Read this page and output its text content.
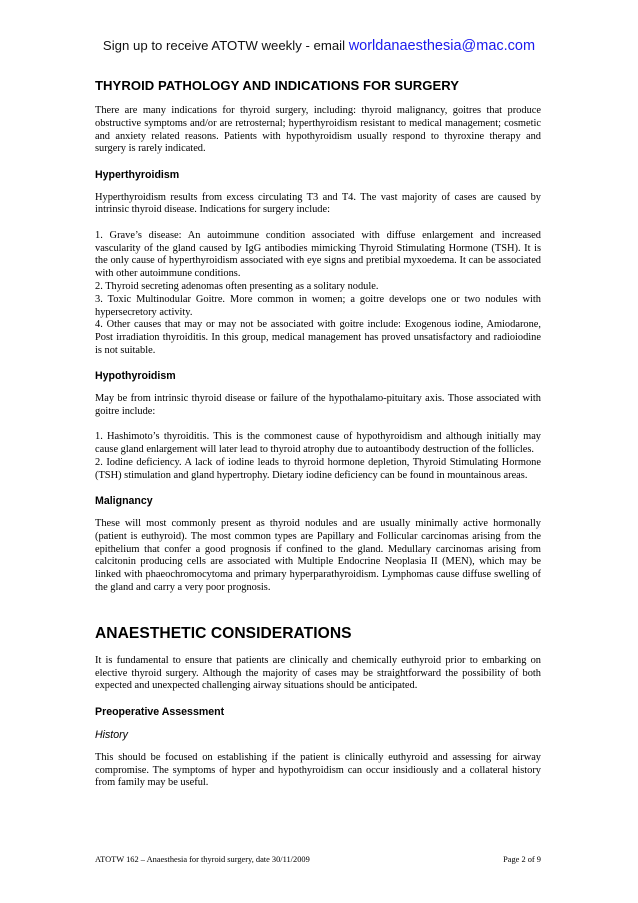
Sign up to receive ATOTW weekly - email worldanaesthesia@mac.com
THYROID PATHOLOGY AND INDICATIONS FOR SURGERY

There are many indications for thyroid surgery, including: thyroid malignancy, goitres that produce obstructive symptoms and/or are retrosternal; hyperthyroidism resistant to medical management; cosmetic and anxiety related reasons. Patients with hypothyroidism usually respond to thyroxine therapy and surgery is rarely indicated.

Hyperthyroidism

Hyperthyroidism results from excess circulating T3 and T4. The vast majority of cases are caused by intrinsic thyroid disease. Indications for surgery include:

1. Grave’s disease: An autoimmune condition associated with diffuse enlargement and increased vascularity of the gland caused by IgG antibodies mimicking Thyroid Stimulating Hormone (TSH). It is the only cause of hyperthyroidism associated with eye signs and pretibial myxoedema. It can be associated with other autoimmune conditions.

2. Thyroid secreting adenomas often presenting as a solitary nodule.

3. Toxic Multinodular Goitre. More common in women; a goitre develops one or two nodules with hypersecretory activity.

4. Other causes that may or may not be associated with goitre include: Exogenous iodine, Amiodarone, Post irradiation thyroiditis. In this group, medical management has proved unsatisfactory and radioiodine is not suitable.

Hypothyroidism

May be from intrinsic thyroid disease or failure of the hypothalamo-pituitary axis. Those associated with goitre include:

1. Hashimoto’s thyroiditis. This is the commonest cause of hypothyroidism and although initially may cause gland enlargement will later lead to thyroid atrophy due to autoantibody destruction of the follicles.

2. Iodine deficiency. A lack of iodine leads to thyroid hormone depletion, Thyroid Stimulating Hormone (TSH) stimulation and gland hypertrophy. Dietary iodine deficiency can be found in mountainous areas.

Malignancy

These will most commonly present as thyroid nodules and are usually minimally active hormonally (patient is euthyroid). The most common types are Papillary and Follicular carcinomas arising from the epithelium that confer a good prognosis if confined to the gland. Medullary carcinomas arising from calcitonin producing cells are associated with Multiple Endocrine Neoplasia II (MEN), which may be linked with phaeochromocytoma and primary hyperparathyroidism. Lymphomas cause diffuse swelling of the gland and carry a very poor prognosis.

ANAESTHETIC CONSIDERATIONS

It is fundamental to ensure that patients are clinically and chemically euthyroid prior to embarking on elective thyroid surgery. Although the majority of cases may be straightforward the possibility of both expected and unexpected challenging airway situations should be anticipated.

Preoperative Assessment
History

This should be focused on establishing if the patient is clinically euthyroid and assessing for airway compromise. The symptoms of hyper and hypothyroidism can occur insidiously and a collateral history from family may be useful.

ATOTW 162 – Anaesthesia for thyroid surgery, date 30/11/2009	Page 2 of 9
